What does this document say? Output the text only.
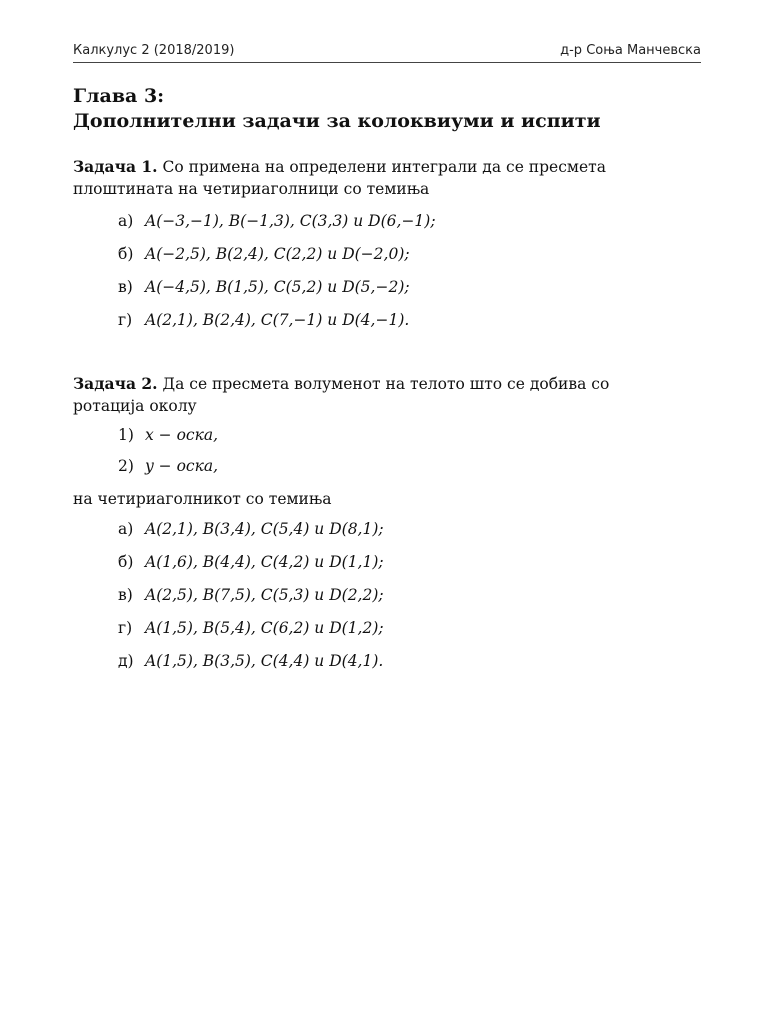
Калкулус 2 (2018/2019)	д-р Соња Манчевска
Глава 3:
Дополнителни задачи за колоквиуми и испити
Задача 1. Со примена на определени интеграли да се пресмета
плоштината на четириаголници со темиња
а) A(−3,−1), B(−1,3), C(3,3) и D(6,−1);
б) A(−2,5), B(2,4), C(2,2) и D(−2,0);
в) A(−4,5), B(1,5), C(5,2) и D(5,−2);
г) A(2,1), B(2,4), C(7,−1) и D(4,−1).
Задача 2. Да се пресмета волуменот на телото што се добива со
ротација околу
1) x − оска,
2) y − оска,
на четириаголникот со темиња
а) A(2,1), B(3,4), C(5,4) и D(8,1);
б) A(1,6), B(4,4), C(4,2) и D(1,1);
в) A(2,5), B(7,5), C(5,3) и D(2,2);
г) A(1,5), B(5,4), C(6,2) и D(1,2);
д) A(1,5), B(3,5), C(4,4) и D(4,1).
